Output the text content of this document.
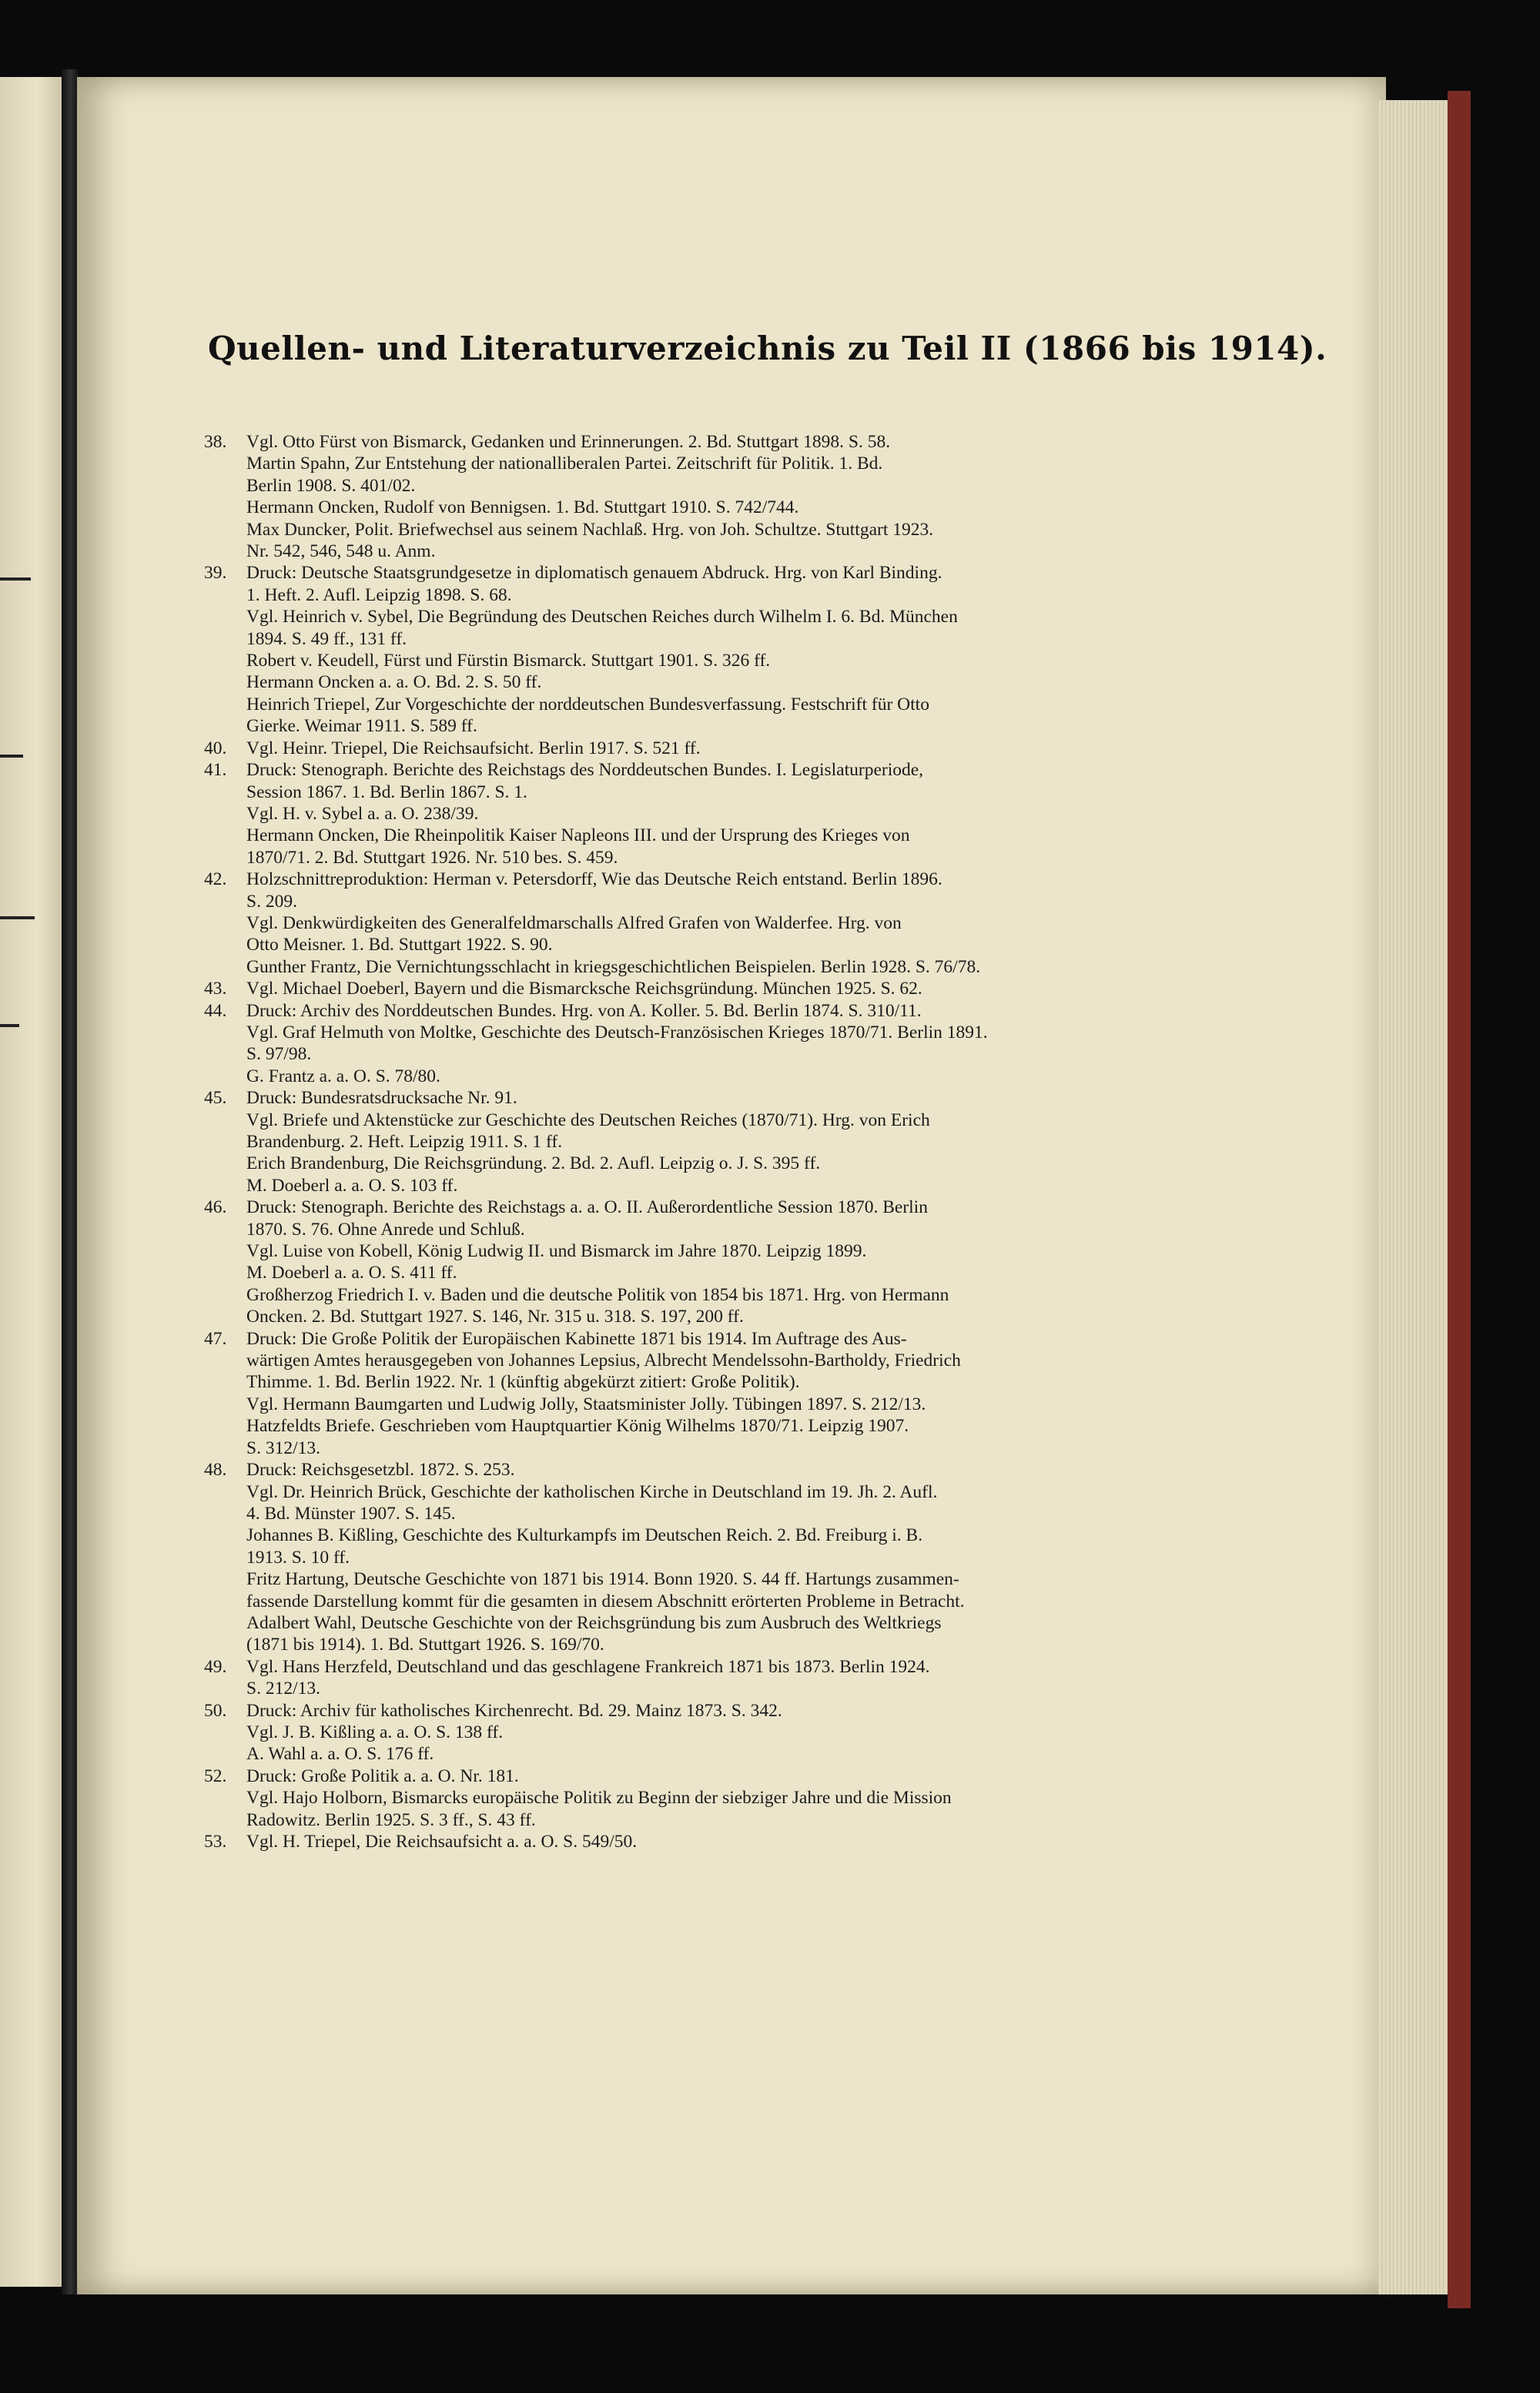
Quellen- und Literaturverzeichnis zu Teil II (1866 bis 1914).
38. Vgl. Otto Fürst von Bismarck, Gedanken und Erinnerungen. 2. Bd. Stuttgart 1898. S. 58.
Martin Spahn, Zur Entstehung der nationalliberalen Partei. Zeitschrift für Politik. 1. Bd.
Berlin 1908. S. 401/02.
Hermann Oncken, Rudolf von Bennigsen. 1. Bd. Stuttgart 1910. S. 742/744.
Max Duncker, Polit. Briefwechsel aus seinem Nachlaß. Hrg. von Joh. Schultze. Stuttgart 1923.
Nr. 542, 546, 548 u. Anm.
39. Druck: Deutsche Staatsgrundgesetze in diplomatisch genauem Abdruck. Hrg. von Karl Binding.
1. Heft. 2. Aufl. Leipzig 1898. S. 68.
Vgl. Heinrich v. Sybel, Die Begründung des Deutschen Reiches durch Wilhelm I. 6. Bd. München
1894. S. 49 ff., 131 ff.
Robert v. Keudell, Fürst und Fürstin Bismarck. Stuttgart 1901. S. 326 ff.
Hermann Oncken a. a. O. Bd. 2. S. 50 ff.
Heinrich Triepel, Zur Vorgeschichte der norddeutschen Bundesverfassung. Festschrift für Otto
Gierke. Weimar 1911. S. 589 ff.
40. Vgl. Heinr. Triepel, Die Reichsaufsicht. Berlin 1917. S. 521 ff.
41. Druck: Stenograph. Berichte des Reichstags des Norddeutschen Bundes. I. Legislaturperiode,
Session 1867. 1. Bd. Berlin 1867. S. 1.
Vgl. H. v. Sybel a. a. O. 238/39.
Hermann Oncken, Die Rheinpolitik Kaiser Napleons III. und der Ursprung des Krieges von
1870/71. 2. Bd. Stuttgart 1926. Nr. 510 bes. S. 459.
42. Holzschnittreproduktion: Herman v. Petersdorff, Wie das Deutsche Reich entstand. Berlin 1896.
S. 209.
Vgl. Denkwürdigkeiten des Generalfeldmarschalls Alfred Grafen von Walderfee. Hrg. von
Otto Meisner. 1. Bd. Stuttgart 1922. S. 90.
Gunther Frantz, Die Vernichtungsschlacht in kriegsgeschichtlichen Beispielen. Berlin 1928. S. 76/78.
43. Vgl. Michael Doeberl, Bayern und die Bismarcksche Reichsgründung. München 1925. S. 62.
44. Druck: Archiv des Norddeutschen Bundes. Hrg. von A. Koller. 5. Bd. Berlin 1874. S. 310/11.
Vgl. Graf Helmuth von Moltke, Geschichte des Deutsch-Französischen Krieges 1870/71. Berlin 1891.
S. 97/98.
G. Frantz a. a. O. S. 78/80.
45. Druck: Bundesratsdrucksache Nr. 91.
Vgl. Briefe und Aktenstücke zur Geschichte des Deutschen Reiches (1870/71). Hrg. von Erich
Brandenburg. 2. Heft. Leipzig 1911. S. 1 ff.
Erich Brandenburg, Die Reichsgründung. 2. Bd. 2. Aufl. Leipzig o. J. S. 395 ff.
M. Doeberl a. a. O. S. 103 ff.
46. Druck: Stenograph. Berichte des Reichstags a. a. O. II. Außerordentliche Session 1870. Berlin
1870. S. 76. Ohne Anrede und Schluß.
Vgl. Luise von Kobell, König Ludwig II. und Bismarck im Jahre 1870. Leipzig 1899.
M. Doeberl a. a. O. S. 411 ff.
Großherzog Friedrich I. v. Baden und die deutsche Politik von 1854 bis 1871. Hrg. von Hermann
Oncken. 2. Bd. Stuttgart 1927. S. 146, Nr. 315 u. 318. S. 197, 200 ff.
47. Druck: Die Große Politik der Europäischen Kabinette 1871 bis 1914. Im Auftrage des Aus-
wärtigen Amtes herausgegeben von Johannes Lepsius, Albrecht Mendelssohn-Bartholdy, Friedrich
Thimme. 1. Bd. Berlin 1922. Nr. 1 (künftig abgekürzt zitiert: Große Politik).
Vgl. Hermann Baumgarten und Ludwig Jolly, Staatsminister Jolly. Tübingen 1897. S. 212/13.
Hatzfeldts Briefe. Geschrieben vom Hauptquartier König Wilhelms 1870/71. Leipzig 1907.
S. 312/13.
48. Druck: Reichsgesetzbl. 1872. S. 253.
Vgl. Dr. Heinrich Brück, Geschichte der katholischen Kirche in Deutschland im 19. Jh. 2. Aufl.
4. Bd. Münster 1907. S. 145.
Johannes B. Kißling, Geschichte des Kulturkampfs im Deutschen Reich. 2. Bd. Freiburg i. B.
1913. S. 10 ff.
Fritz Hartung, Deutsche Geschichte von 1871 bis 1914. Bonn 1920. S. 44 ff. Hartungs zusammen-
fassende Darstellung kommt für die gesamten in diesem Abschnitt erörterten Probleme in Betracht.
Adalbert Wahl, Deutsche Geschichte von der Reichsgründung bis zum Ausbruch des Weltkriegs
(1871 bis 1914). 1. Bd. Stuttgart 1926. S. 169/70.
49. Vgl. Hans Herzfeld, Deutschland und das geschlagene Frankreich 1871 bis 1873. Berlin 1924.
S. 212/13.
50. Druck: Archiv für katholisches Kirchenrecht. Bd. 29. Mainz 1873. S. 342.
Vgl. J. B. Kißling a. a. O. S. 138 ff.
A. Wahl a. a. O. S. 176 ff.
52. Druck: Große Politik a. a. O. Nr. 181.
Vgl. Hajo Holborn, Bismarcks europäische Politik zu Beginn der siebziger Jahre und die Mission
Radowitz. Berlin 1925. S. 3 ff., S. 43 ff.
53. Vgl. H. Triepel, Die Reichsaufsicht a. a. O. S. 549/50.
